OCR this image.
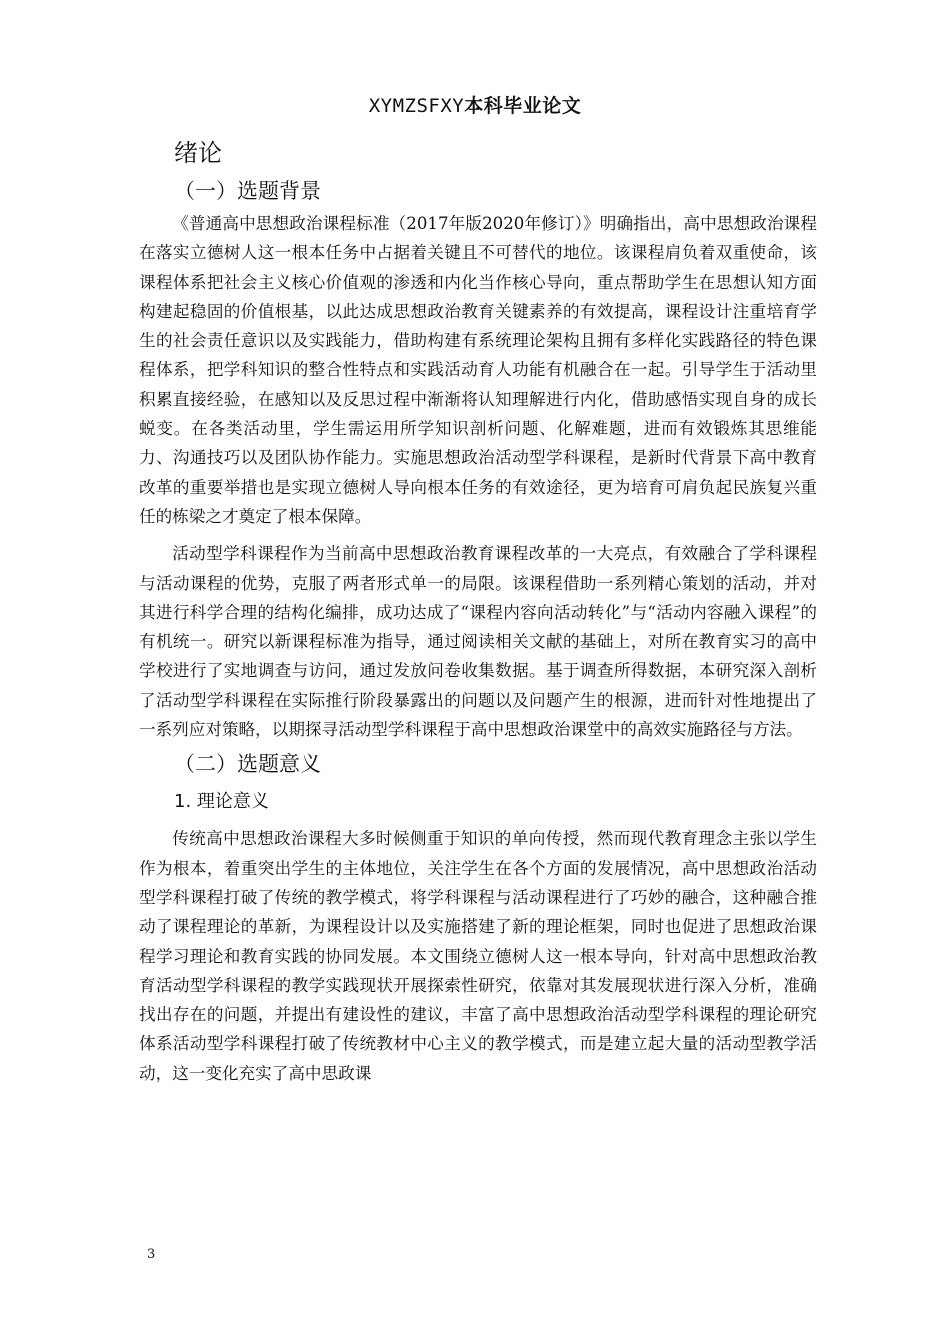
XYMZSFXY本科毕业论文
绪论
（一）选题背景

《普通高中思想政治课程标准（2017年版2020年修订）》明确指出，高中思想政治课程在落实立德树人这一根本任务中占据着关键且不可替代的地位。该课程肩负着双重使命，该课程体系把社会主义核心价值观的渗透和内化当作核心导向，重点帮助学生在思想认知方面构建起稳固的价值根基，以此达成思想政治教育关键素养的有效提高，课程设计注重培育学生的社会责任意识以及实践能力，借助构建有系统理论架构且拥有多样化实践路径的特色课程体系，把学科知识的整合性特点和实践活动育人功能有机融合在一起。引导学生于活动里积累直接经验，在感知以及反思过程中渐渐将认知理解进行内化，借助感悟实现自身的成长蜕变。在各类活动里，学生需运用所学知识剖析问题、化解难题，进而有效锻炼其思维能力、沟通技巧以及团队协作能力。实施思想政治活动型学科课程，是新时代背景下高中教育改革的重要举措也是实现立德树人导向根本任务的有效途径，更为培育可肩负起民族复兴重任的栋梁之才奠定了根本保障。

活动型学科课程作为当前高中思想政治教育课程改革的一大亮点，有效融合了学科课程与活动课程的优势，克服了两者形式单一的局限。该课程借助一系列精心策划的活动，并对其进行科学合理的结构化编排，成功达成了“课程内容向活动转化”与“活动内容融入课程”的有机统一。研究以新课程标准为指导，通过阅读相关文献的基础上，对所在教育实习的高中学校进行了实地调查与访问，通过发放问卷收集数据。基于调查所得数据，本研究深入剖析了活动型学科课程在实际推行阶段暴露出的问题以及问题产生的根源，进而针对性地提出了一系列应对策略，以期探寻活动型学科课程于高中思想政治课堂中的高效实施路径与方法。

（二）选题意义
1. 理论意义

传统高中思想政治课程大多时候侧重于知识的单向传授，然而现代教育理念主张以学生作为根本，着重突出学生的主体地位，关注学生在各个方面的发展情况，高中思想政治活动型学科课程打破了传统的教学模式，将学科课程与活动课程进行了巧妙的融合，这种融合推动了课程理论的革新，为课程设计以及实施搭建了新的理论框架，同时也促进了思想政治课程学习理论和教育实践的协同发展。本文围绕立德树人这一根本导向，针对高中思想政治教育活动型学科课程的教学实践现状开展探索性研究，依靠对其发展现状进行深入分析，准确找出存在的问题，并提出有建设性的建议，丰富了高中思想政治活动型学科课程的理论研究体系活动型学科课程打破了传统教材中心主义的教学模式，而是建立起大量的活动型教学活动，这一变化充实了高中思政课

3
